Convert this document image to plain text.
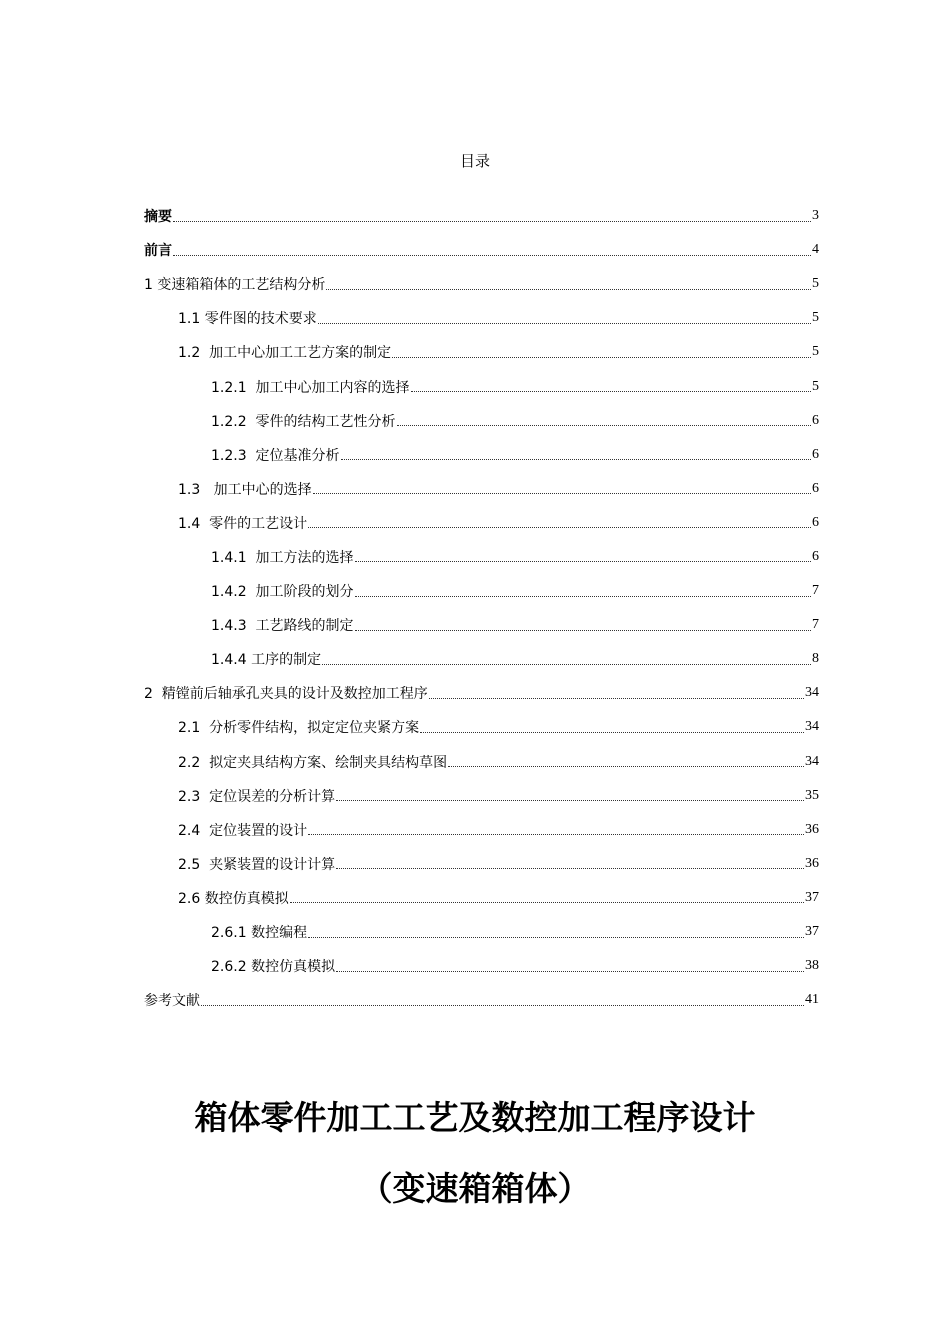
目录
摘要	3
前言	4
1 变速箱箱体的工艺结构分析	5
1.1 零件图的技术要求	5
1.2  加工中心加工工艺方案的制定	5
1.2.1  加工中心加工内容的选择	5
1.2.2  零件的结构工艺性分析	6
1.2.3  定位基准分析	6
1.3   加工中心的选择	6
1.4  零件的工艺设计	6
1.4.1  加工方法的选择	6
1.4.2  加工阶段的划分	7
1.4.3  工艺路线的制定	7
1.4.4 工序的制定	8
2  精镗前后轴承孔夹具的设计及数控加工程序	34
2.1  分析零件结构，拟定定位夹紧方案	34
2.2  拟定夹具结构方案、绘制夹具结构草图	34
2.3  定位误差的分析计算	35
2.4  定位装置的设计	36
2.5  夹紧装置的设计计算	36
2.6 数控仿真模拟	37
2.6.1 数控编程	37
2.6.2 数控仿真模拟	38
参考文献	41
箱体零件加工工艺及数控加工程序设计
（变速箱箱体）
